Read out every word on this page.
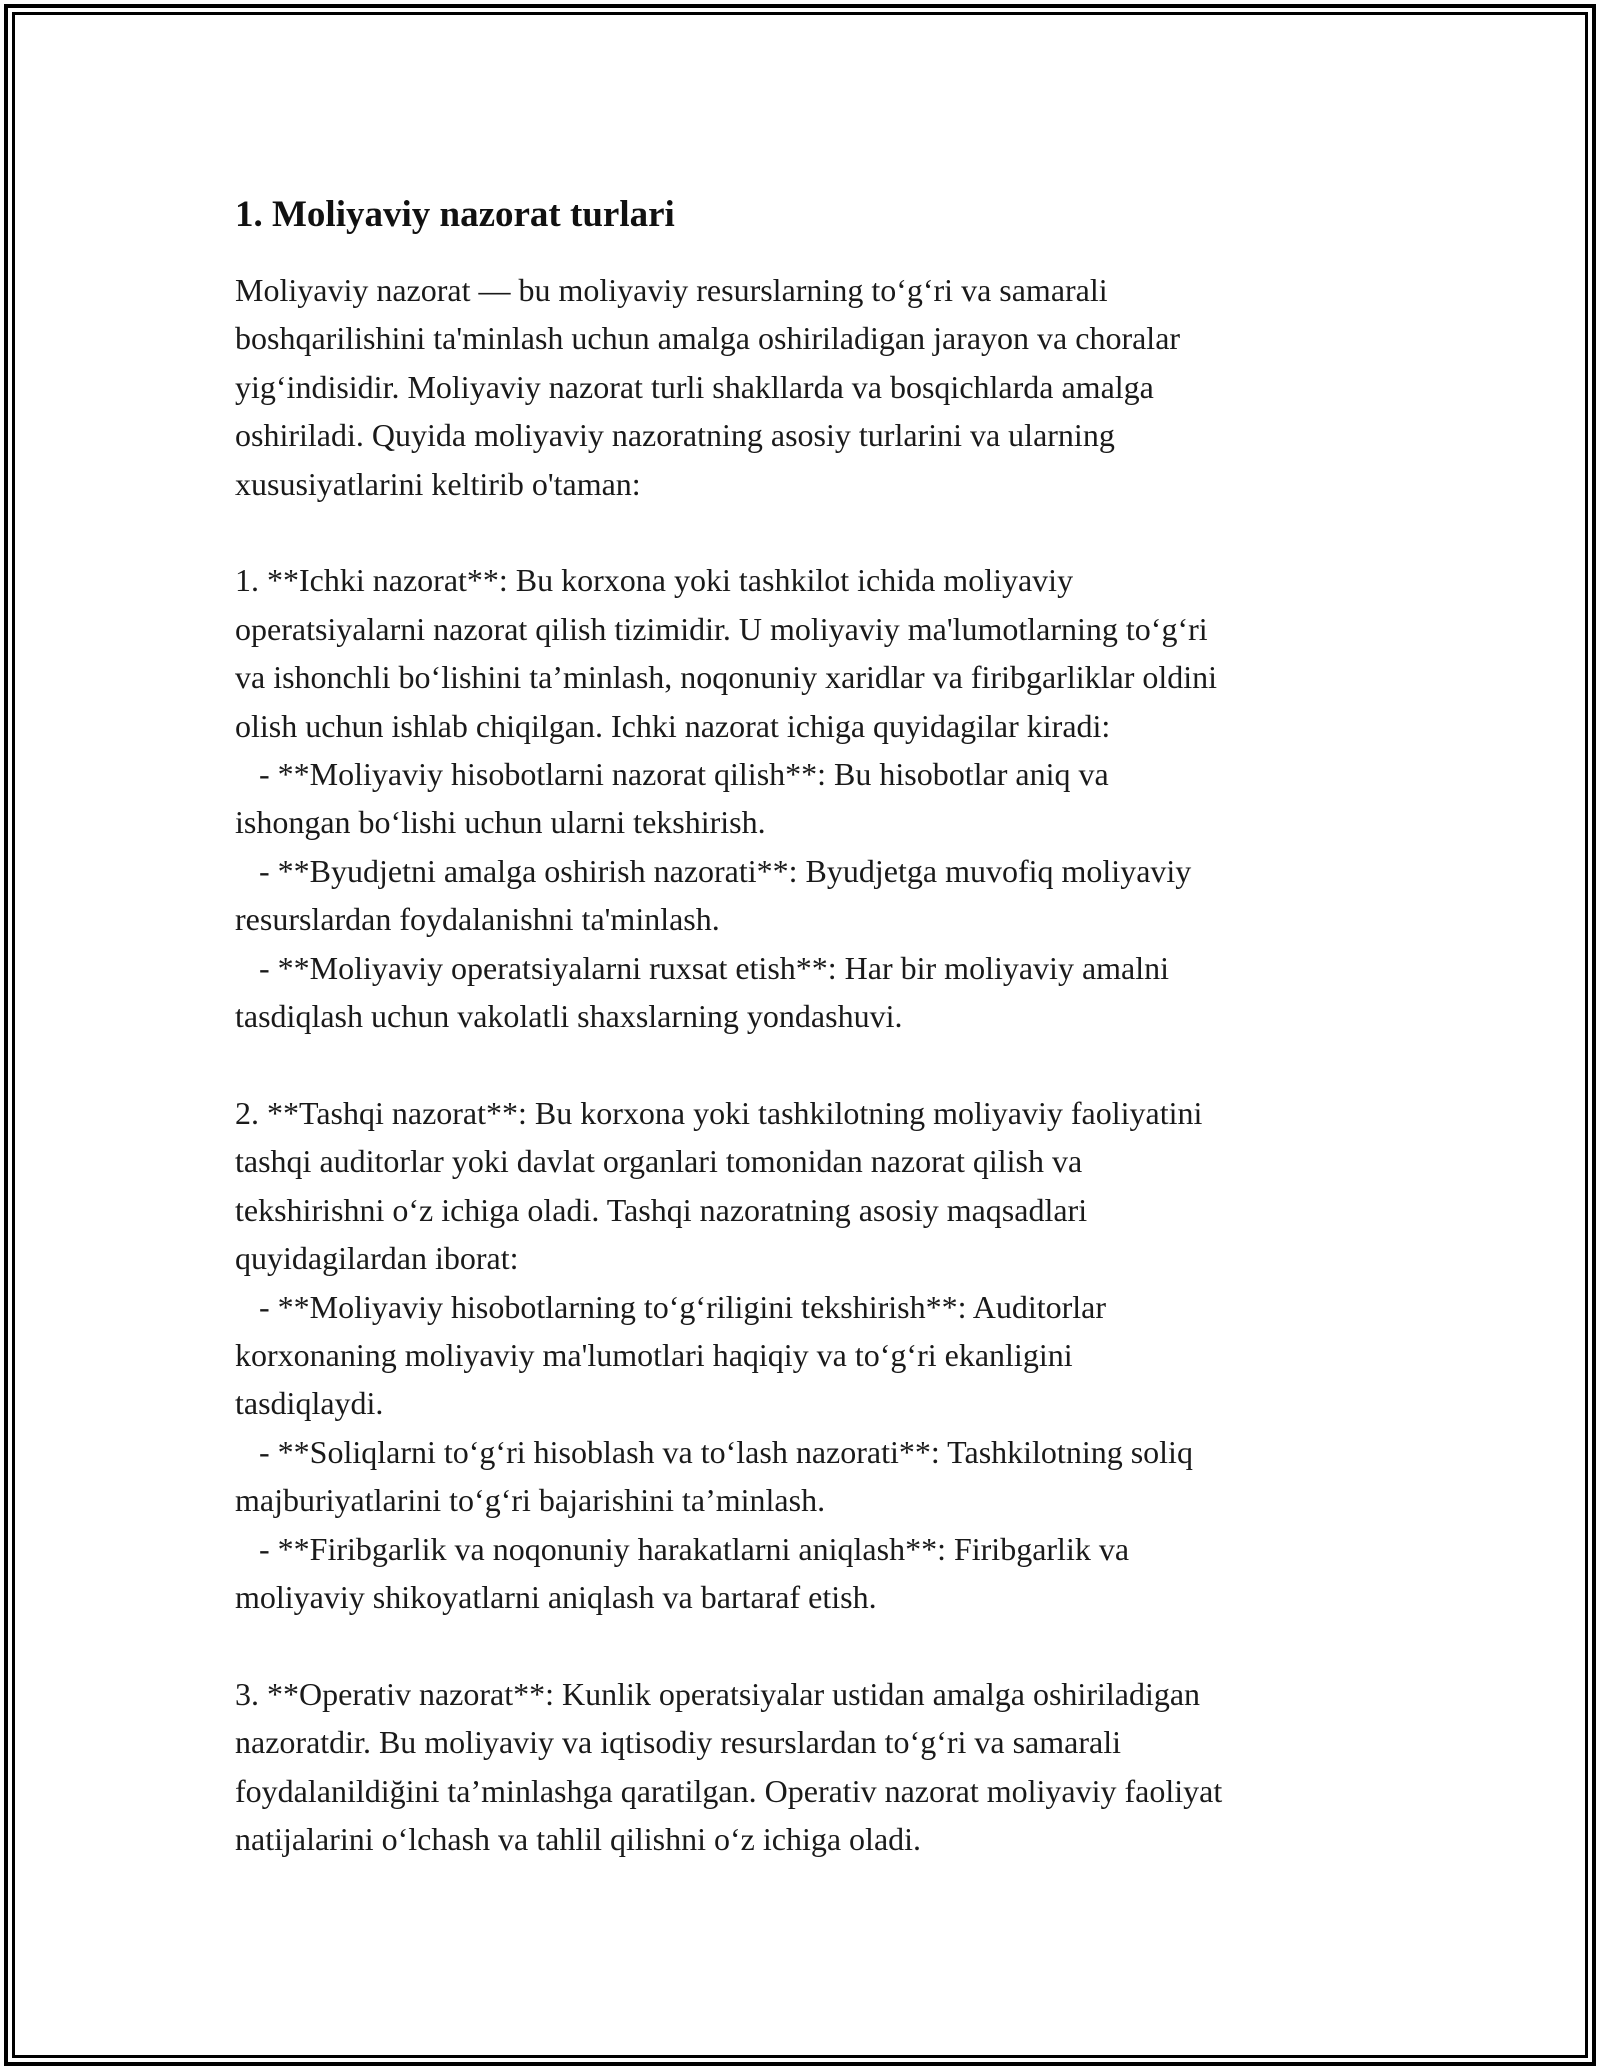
1. Moliyaviy nazorat turlari

Moliyaviy nazorat — bu moliyaviy resurslarning to‘g‘ri va samarali
boshqarilishini ta'minlash uchun amalga oshiriladigan jarayon va choralar
yig‘indisidir. Moliyaviy nazorat turli shakllarda va bosqichlarda amalga
oshiriladi. Quyida moliyaviy nazoratning asosiy turlarini va ularning
xususiyatlarini keltirib o'taman:

1. **Ichki nazorat**: Bu korxona yoki tashkilot ichida moliyaviy
operatsiyalarni nazorat qilish tizimidir. U moliyaviy ma'lumotlarning to‘g‘ri
va ishonchli bo‘lishini ta’minlash, noqonuniy xaridlar va firibgarliklar oldini
olish uchun ishlab chiqilgan. Ichki nazorat ichiga quyidagilar kiradi:

- **Moliyaviy hisobotlarni nazorat qilish**: Bu hisobotlar aniq va
ishongan bo‘lishi uchun ularni tekshirish.

- **Byudjetni amalga oshirish nazorati**: Byudjetga muvofiq moliyaviy
resurslardan foydalanishni ta'minlash.

- **Moliyaviy operatsiyalarni ruxsat etish**: Har bir moliyaviy amalni
tasdiqlash uchun vakolatli shaxslarning yondashuvi.

2. **Tashqi nazorat**: Bu korxona yoki tashkilotning moliyaviy faoliyatini
tashqi auditorlar yoki davlat organlari tomonidan nazorat qilish va
tekshirishni o‘z ichiga oladi. Tashqi nazoratning asosiy maqsadlari
quyidagilardan iborat:

- **Moliyaviy hisobotlarning to‘g‘riligini tekshirish**: Auditorlar
korxonaning moliyaviy ma'lumotlari haqiqiy va to‘g‘ri ekanligini
tasdiqlaydi.

- **Soliqlarni to‘g‘ri hisoblash va to‘lash nazorati**: Tashkilotning soliq
majburiyatlarini to‘g‘ri bajarishini ta’minlash.

- **Firibgarlik va noqonuniy harakatlarni aniqlash**: Firibgarlik va
moliyaviy shikoyatlarni aniqlash va bartaraf etish.

3. **Operativ nazorat**: Kunlik operatsiyalar ustidan amalga oshiriladigan
nazoratdir. Bu moliyaviy va iqtisodiy resurslardan to‘g‘ri va samarali
foydalanildiğini ta’minlashga qaratilgan. Operativ nazorat moliyaviy faoliyat
natijalarini o‘lchash va tahlil qilishni o‘z ichiga oladi.
